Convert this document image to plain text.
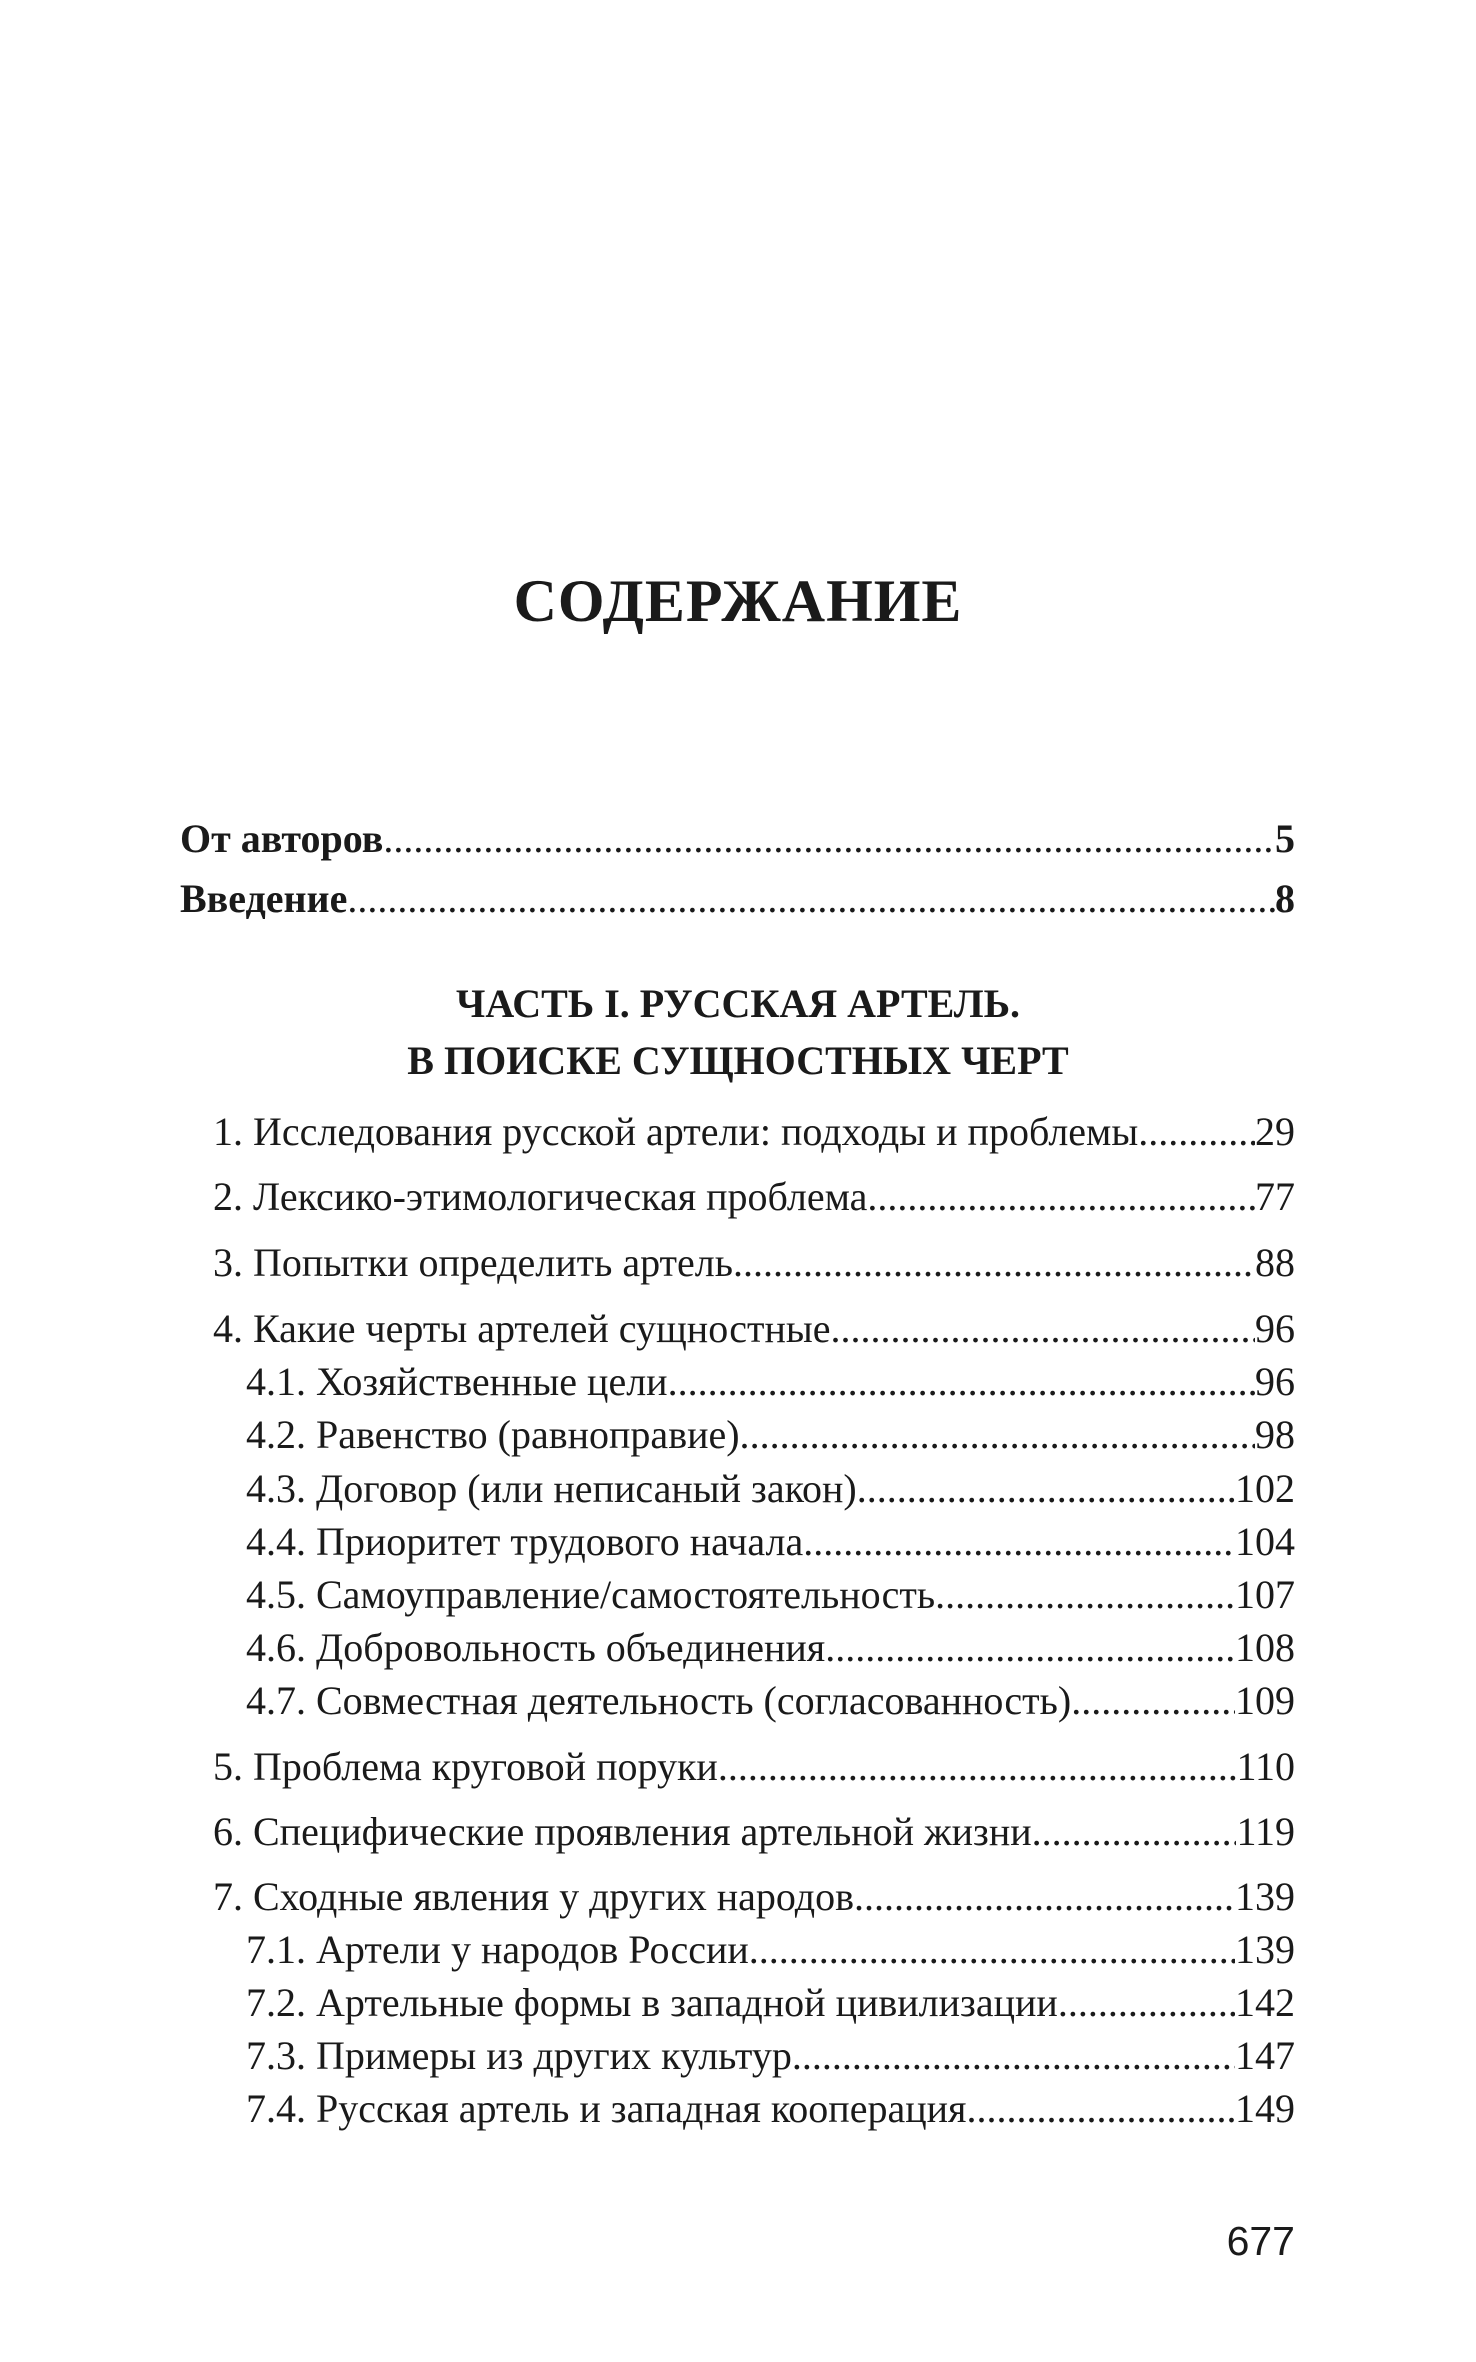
СОДЕРЖАНИЕ
От авторов .....	5
Введение .....	8
ЧАСТЬ I. РУССКАЯ АРТЕЛЬ.
В ПОИСКЕ СУЩНОСТНЫХ ЧЕРТ
1. Исследования русской артели: подходы и проблемы .....	29
2. Лексико-этимологическая проблема .....	77
3. Попытки определить артель .....	88
4. Какие черты артелей сущностные .....	96
4.1. Хозяйственные цели .....	96
4.2. Равенство (равноправие). .....	98
4.3. Договор (или неписаный закон). .....	102
4.4. Приоритет трудового начала. .....	104
4.5. Самоуправление/самостоятельность. .....	107
4.6. Добровольность объединения. .....	108
4.7. Совместная деятельность (согласованность) .....	109
5. Проблема круговой поруки .....	110
6. Специфические проявления артельной жизни .....	119
7. Сходные явления у других народов .....	139
7.1. Артели у народов России .....	139
7.2. Артельные формы в западной цивилизации .....	142
7.3. Примеры из других культур .....	147
7.4. Русская артель и западная кооперация .....	149
677
